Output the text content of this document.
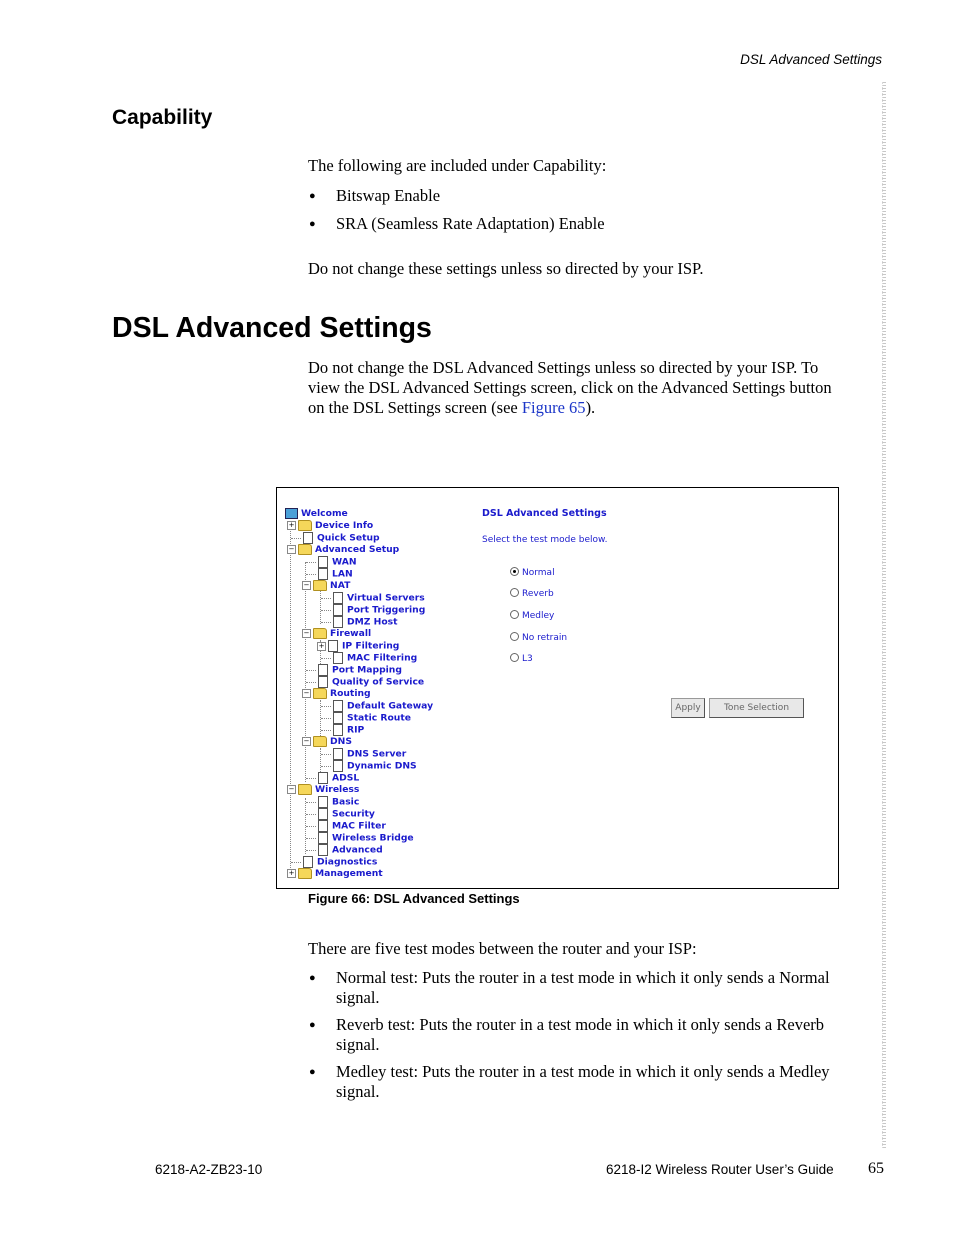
DSL Advanced Settings
Capability

The following are included under Capability:

● Bitswap Enable
● SRA (Seamless Rate Adaptation) Enable

Do not change these settings unless so directed by your ISP.

DSL Advanced Settings

Do not change the DSL Advanced Settings unless so directed by your ISP. To view the DSL Advanced Settings screen, click on the Advanced Settings button on the DSL Settings screen (see Figure 65).

Welcome
+ Device Info
Quick Setup
− Advanced Setup
WAN
LAN
− NAT
Virtual Servers
Port Triggering
DMZ Host
− Firewall
+ IP Filtering
MAC Filtering
Port Mapping
Quality of Service
− Routing
Default Gateway
Static Route
RIP
− DNS
DNS Server
Dynamic DNS
ADSL
− Wireless
Basic
Security
MAC Filter
Wireless Bridge
Advanced
Diagnostics
+ Management
DSL Advanced Settings
Select the test mode below.
Normal
Reverb
Medley
No retrain
L3
Apply	Tone Selection
Figure 66: DSL Advanced Settings

There are five test modes between the router and your ISP:

● Normal test: Puts the router in a test mode in which it only sends a Normal signal.
● Reverb test: Puts the router in a test mode in which it only sends a Reverb signal.
● Medley test: Puts the router in a test mode in which it only sends a Medley signal.
6218-A2-ZB23-10	6218-I2 Wireless Router User’s Guide 65
